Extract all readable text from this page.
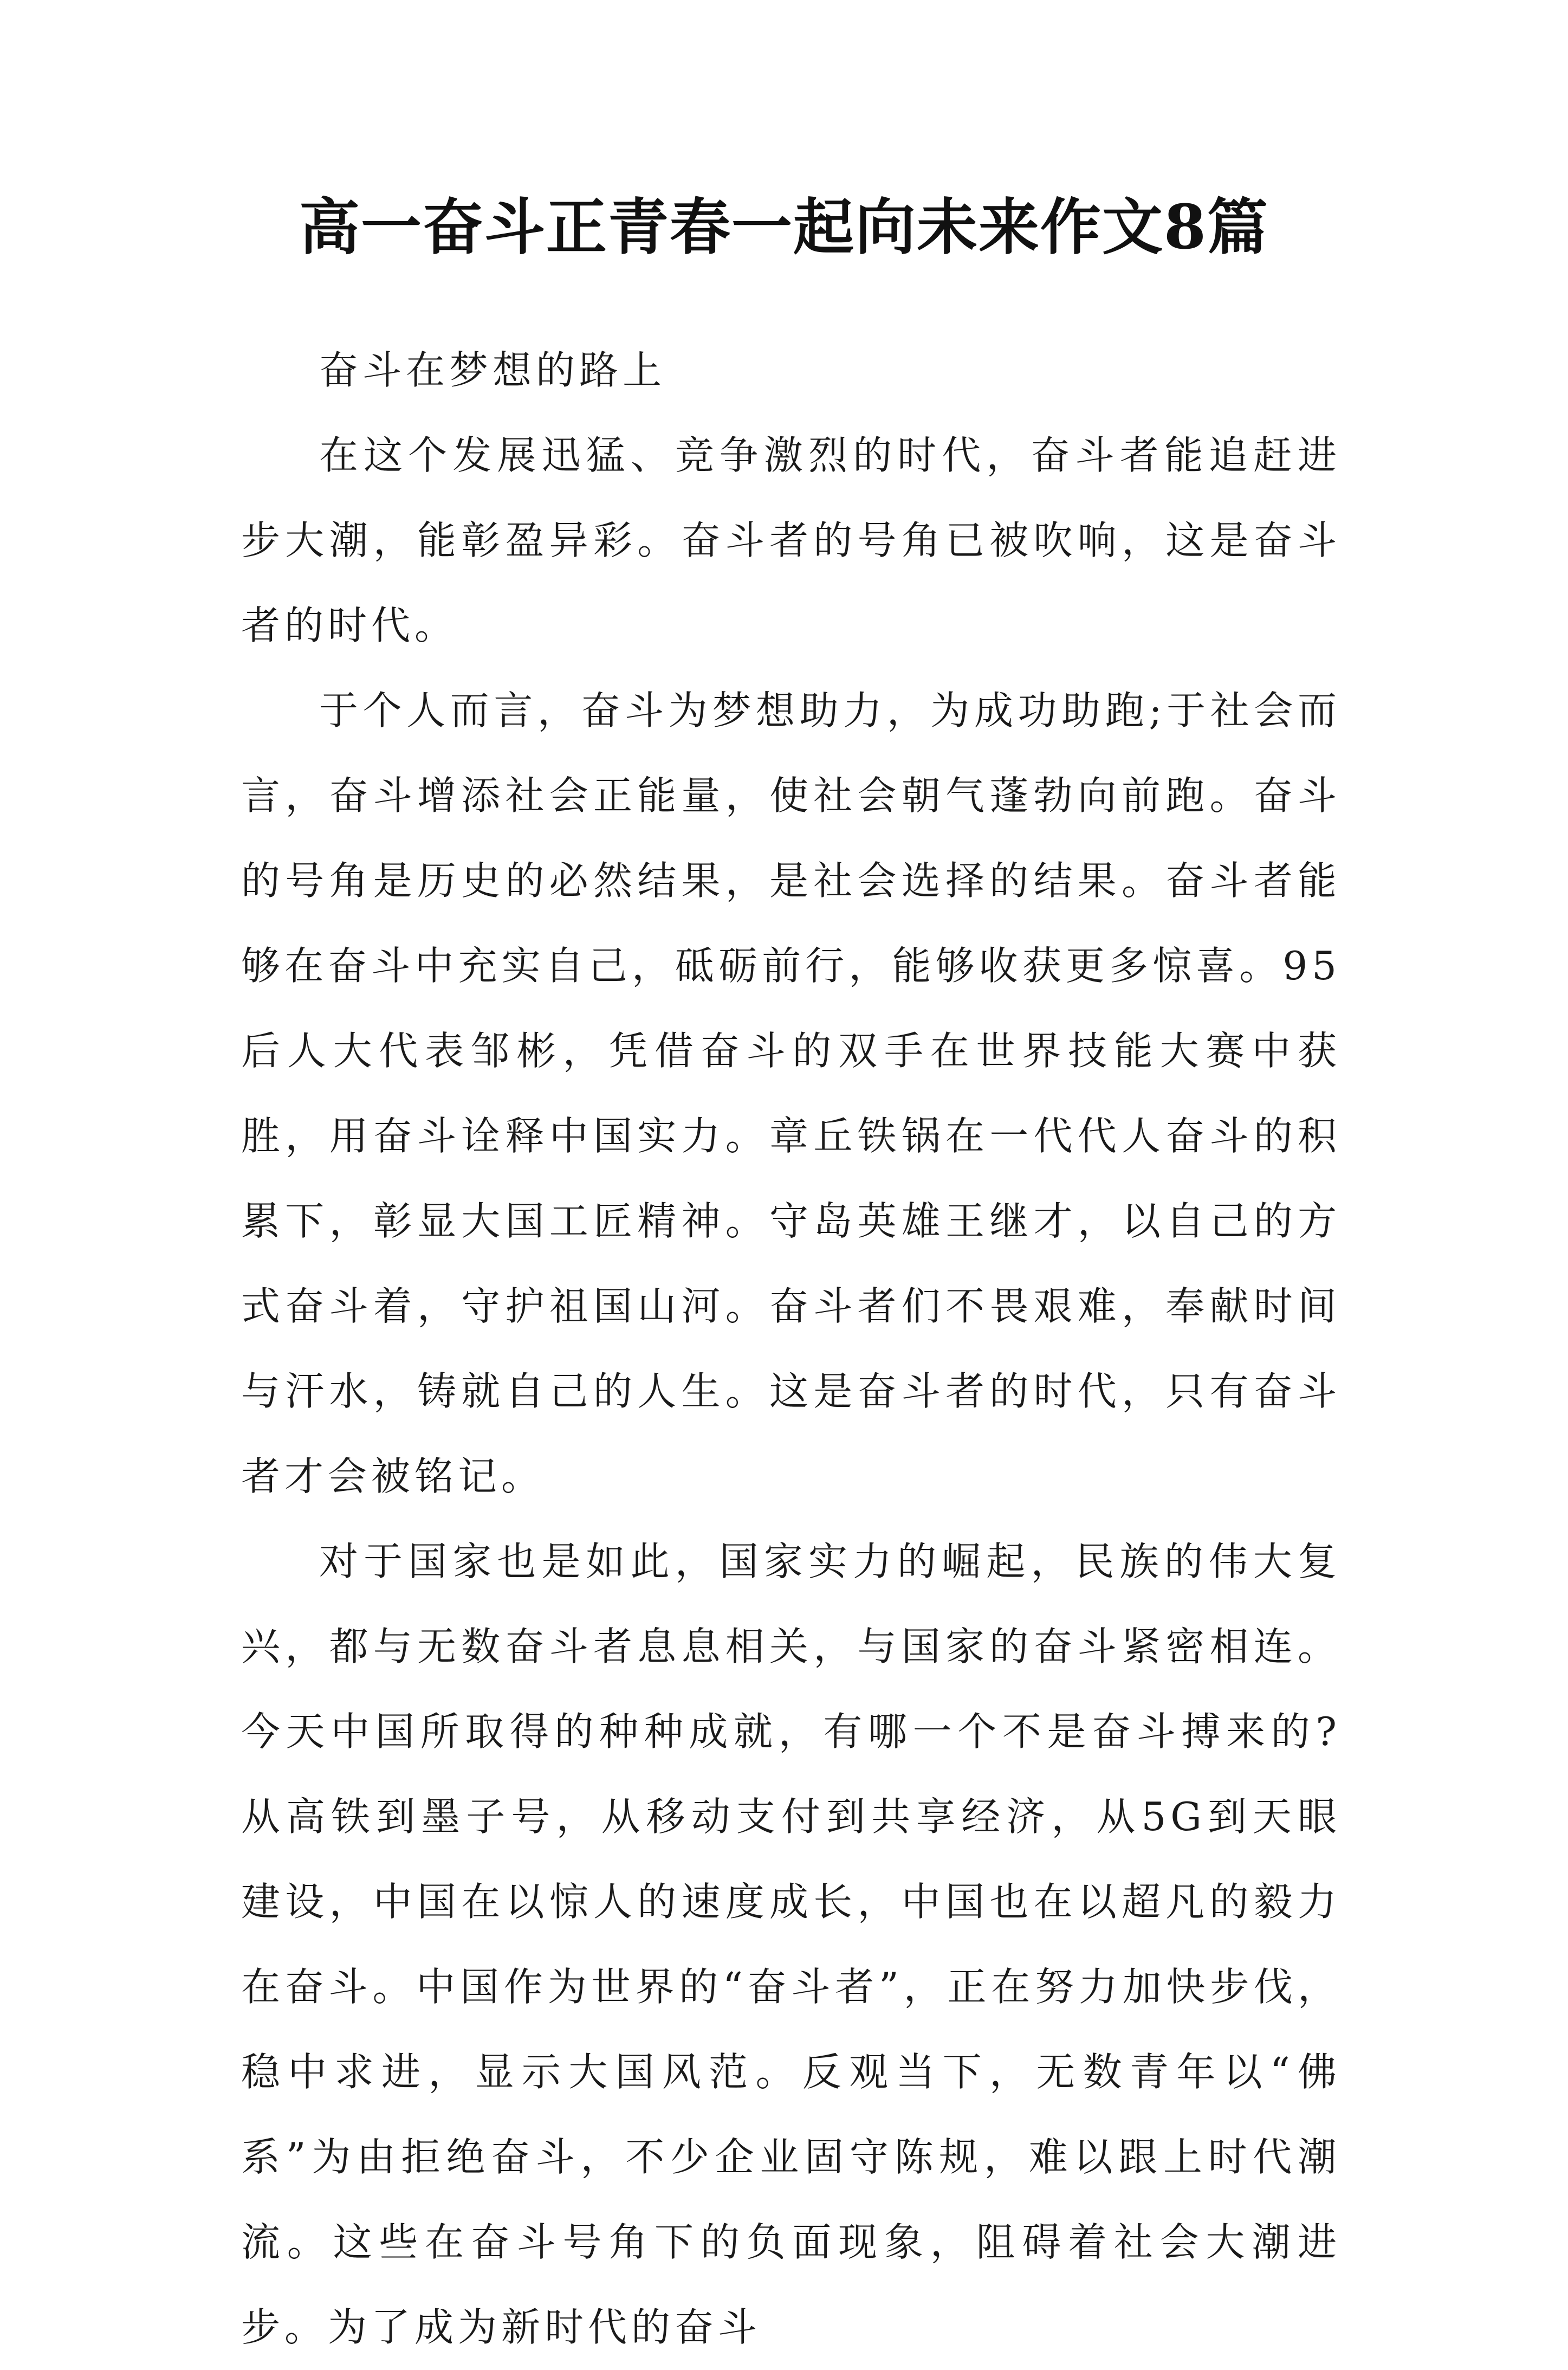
高一奋斗正青春一起向未来作文8篇

奋斗在梦想的路上

在这个发展迅猛、竞争激烈的时代，奋斗者能追赶进步大潮，能彰盈异彩。奋斗者的号角已被吹响，这是奋斗者的时代。

于个人而言，奋斗为梦想助力，为成功助跑;于社会而言，奋斗增添社会正能量，使社会朝气蓬勃向前跑。奋斗的号角是历史的必然结果，是社会选择的结果。奋斗者能够在奋斗中充实自己，砥砺前行，能够收获更多惊喜。95后人大代表邹彬，凭借奋斗的双手在世界技能大赛中获胜，用奋斗诠释中国实力。章丘铁锅在一代代人奋斗的积累下，彰显大国工匠精神。守岛英雄王继才，以自己的方式奋斗着，守护祖国山河。奋斗者们不畏艰难，奉献时间与汗水，铸就自己的人生。这是奋斗者的时代，只有奋斗者才会被铭记。

对于国家也是如此，国家实力的崛起，民族的伟大复兴，都与无数奋斗者息息相关，与国家的奋斗紧密相连。今天中国所取得的种种成就，有哪一个不是奋斗搏来的?从高铁到墨子号，从移动支付到共享经济，从5G到天眼建设，中国在以惊人的速度成长，中国也在以超凡的毅力在奋斗。中国作为世界的“奋斗者”，正在努力加快步伐，稳中求进，显示大国风范。反观当下，无数青年以“佛系”为由拒绝奋斗，不少企业固守陈规，难以跟上时代潮流。这些在奋斗号角下的负面现象，阻碍着社会大潮进步。为了成为新时代的奋斗
